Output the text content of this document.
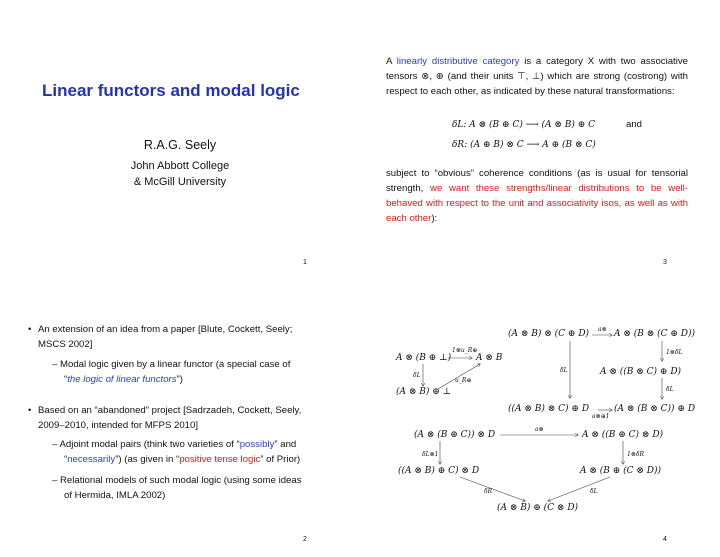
Linear functors and modal logic
R.A.G. Seely
John Abbott College
& McGill University
1
A linearly distributive category is a category X with two associative tensors ⊗, ⊕ (and their units ⊤, ⊥) which are strong (costrong) with respect to each other, as indicated by these natural transformations:
δL: A ⊗ (B ⊕ C) ⟶ (A ⊗ B) ⊕ C	and
δR: (A ⊕ B) ⊗ C ⟶ A ⊕ (B ⊗ C)
subject to “obvious” coherence conditions (as is usual for tensorial strength, we want these strengths/linear distributions to be well-behaved with respect to the unit and associativity isos, as well as with each other):
3
• An extension of an idea from a paper [Blute, Cockett, Seely;
MSCS 2002]
– Modal logic given by a linear functor (a special case of
“the logic of linear functors”)
• Based on an “abandoned” project [Sadrzadeh, Cockett, Seely,
2009–2010, intended for MFPS 2010]
– Adjoint modal pairs (think two varieties of “possibly” and
“necessarily”) (as given in “positive tense logic” of Prior)
– Relational models of such modal logic (using some ideas
of Hermida, IMLA 2002)
2
(A ⊗ B) ⊗ (C ⊕ D)	A ⊗ (B ⊗ (C ⊕ D))
a⊗
1⊗δL
A ⊗ (B ⊕ ⊥)
1⊗u_R⊕
A ⊗ B
A ⊗ ((B ⊗ C) ⊕ D)
δL
δL
u_R⊕
δL
(A ⊗ B) ⊕ ⊥
((A ⊗ B) ⊗ C) ⊕ D	(A ⊗ (B ⊗ C)) ⊕ D
a⊗⊕1
(A ⊗ (B ⊕ C)) ⊗ D
a⊗
A ⊗ ((B ⊕ C) ⊗ D)
δL⊗1	1⊗δR
((A ⊗ B) ⊕ C) ⊗ D	A ⊗ (B ⊕ (C ⊗ D))
δR	δL
(A ⊗ B) ⊕ (C ⊗ D)
4
